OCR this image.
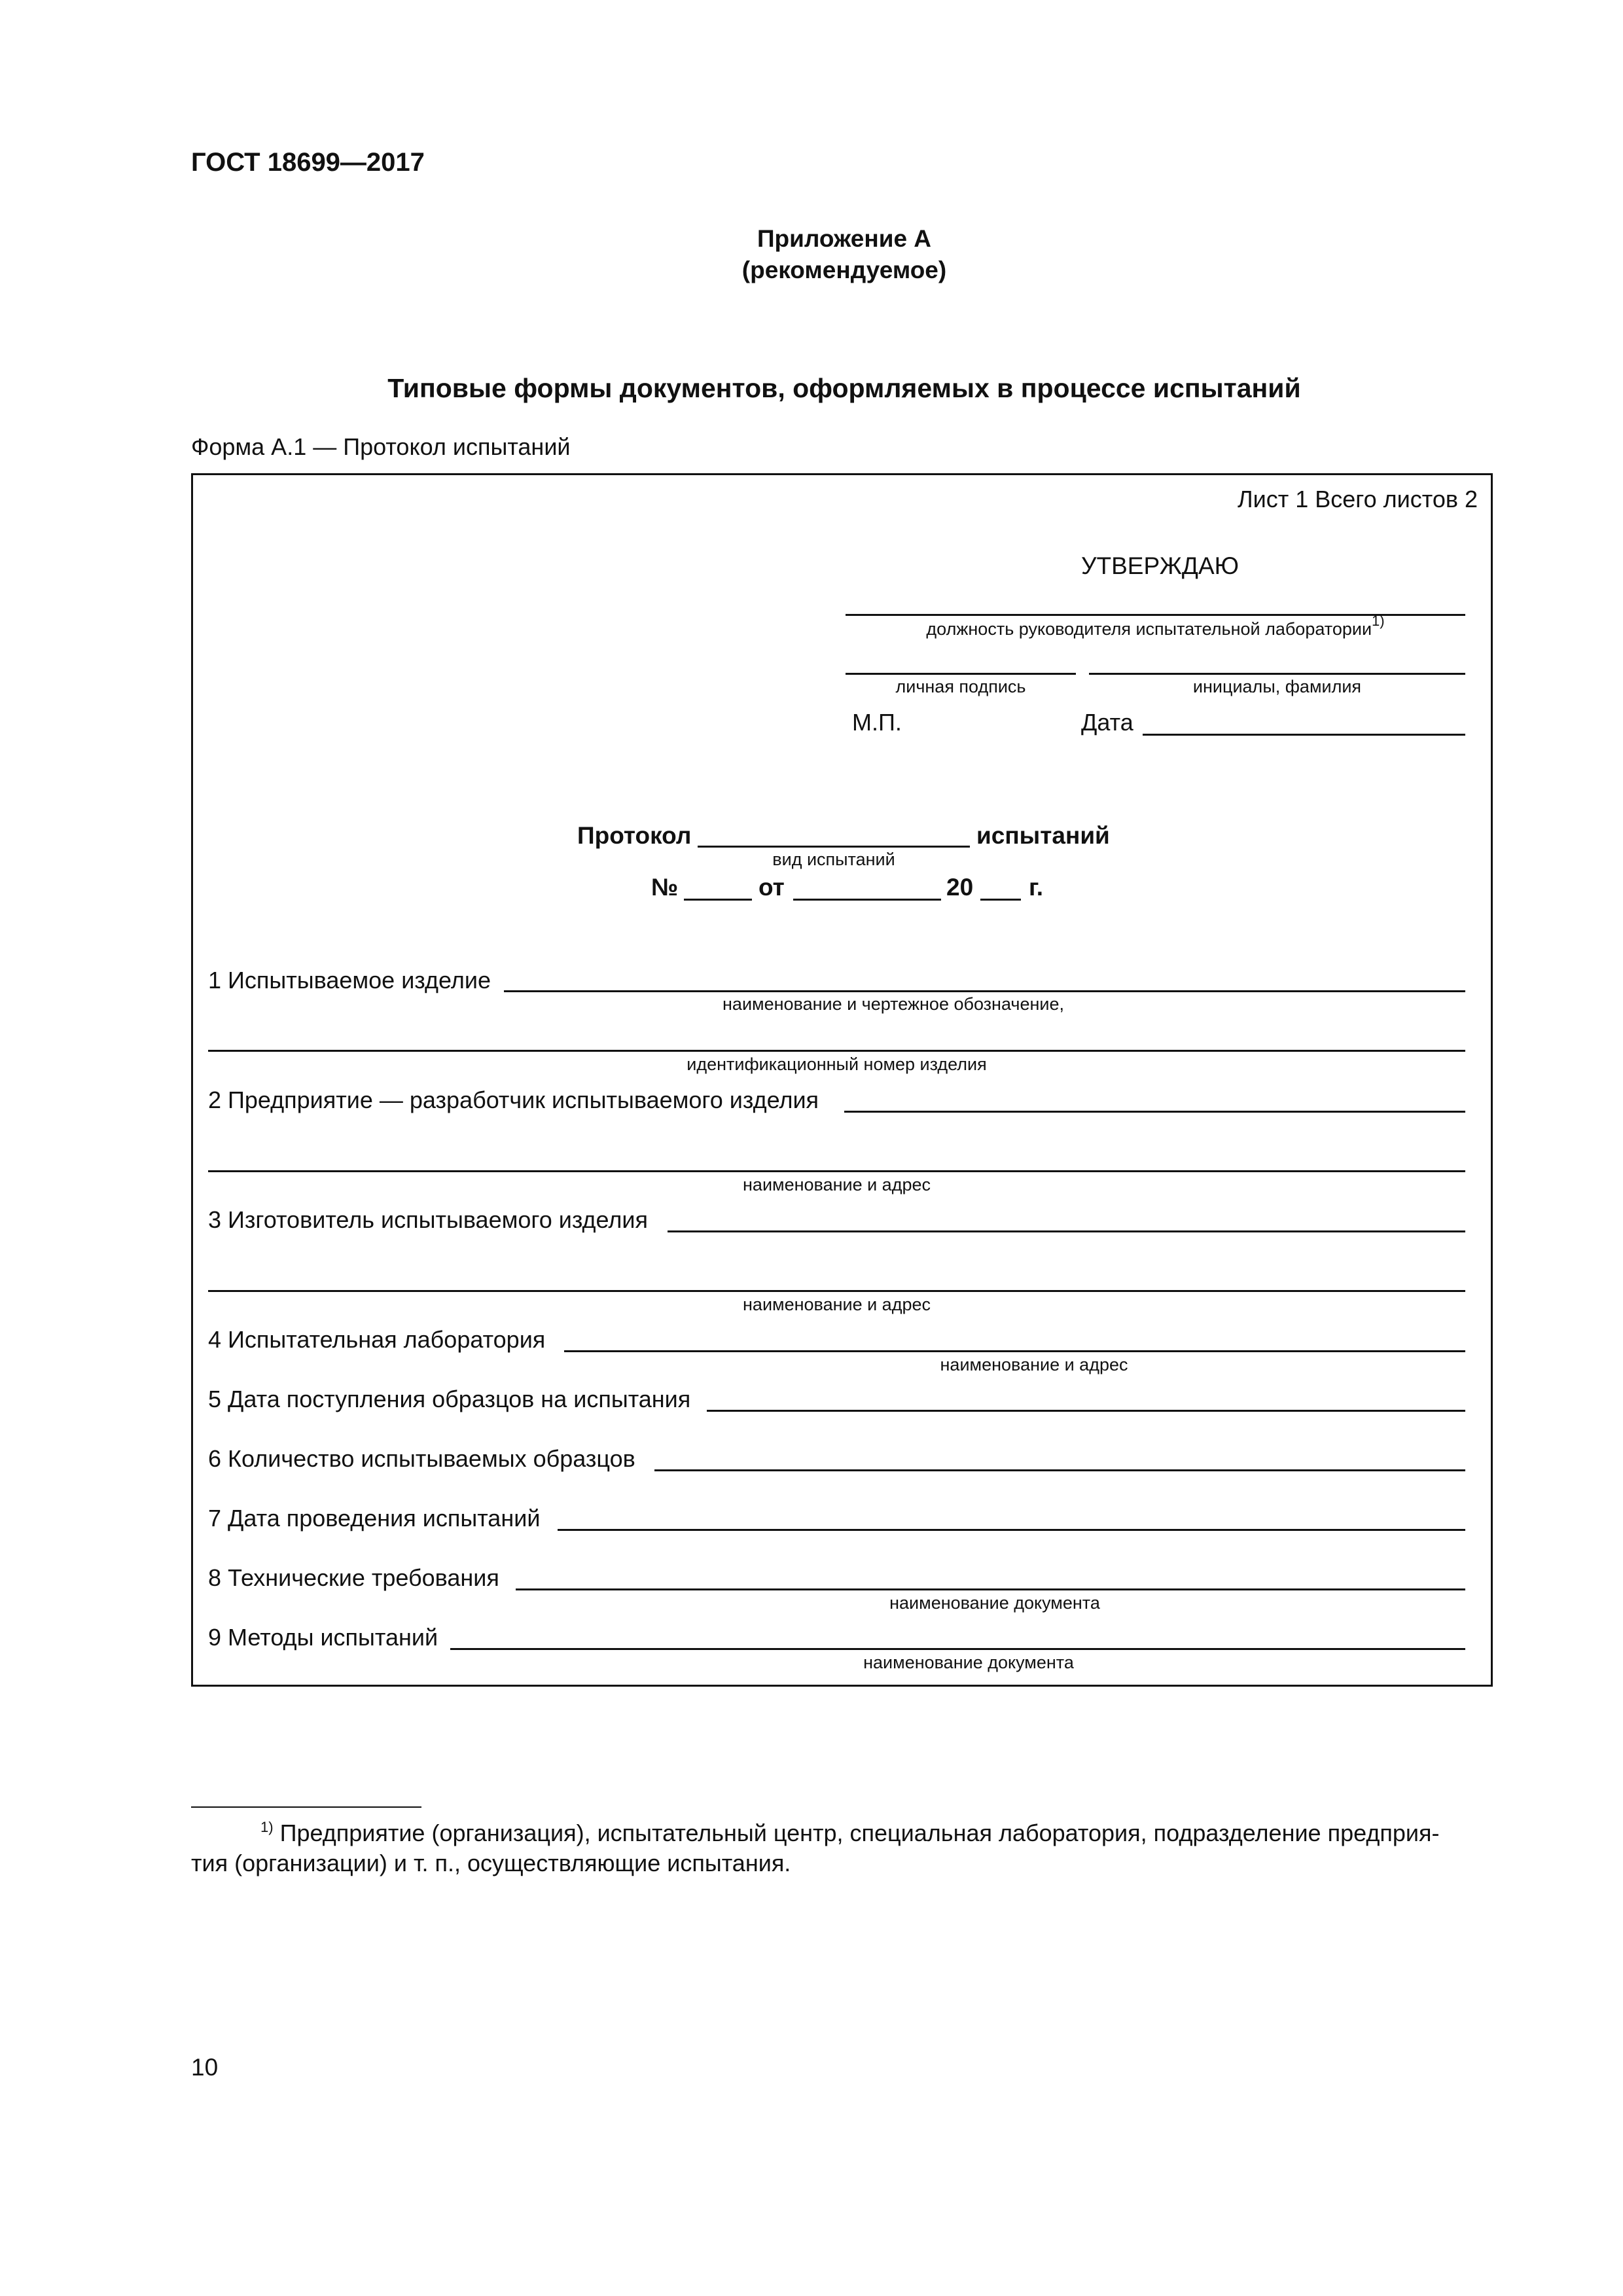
ГОСТ 18699—2017
Приложение А
(рекомендуемое)
Типовые формы документов, оформляемых в процессе испытаний
Форма А.1 — Протокол испытаний
Лист 1 Всего листов 2
УТВЕРЖДАЮ
должность руководителя испытательной лаборатории$^{1)}$
личная подпись	инициалы, фамилия
М.П.	Дата
Протокол	испытаний
вид испытаний
№	от	20 г.
1 Испытываемое изделие
наименование и чертежное обозначение,
идентификационный номер изделия
2 Предприятие — разработчик испытываемого изделия
наименование и адрес
3 Изготовитель испытываемого изделия
наименование и адрес
4 Испытательная лаборатория
наименование и адрес
5 Дата поступления образцов на испытания
6 Количество испытываемых образцов
7 Дата проведения испытаний
8 Технические требования
наименование документа
9 Методы испытаний
наименование документа
$^{1)}$ Предприятие (организация), испытательный центр, специальная лаборатория, подразделение предприя-
тия (организации) и т. п., осуществляющие испытания.
10
